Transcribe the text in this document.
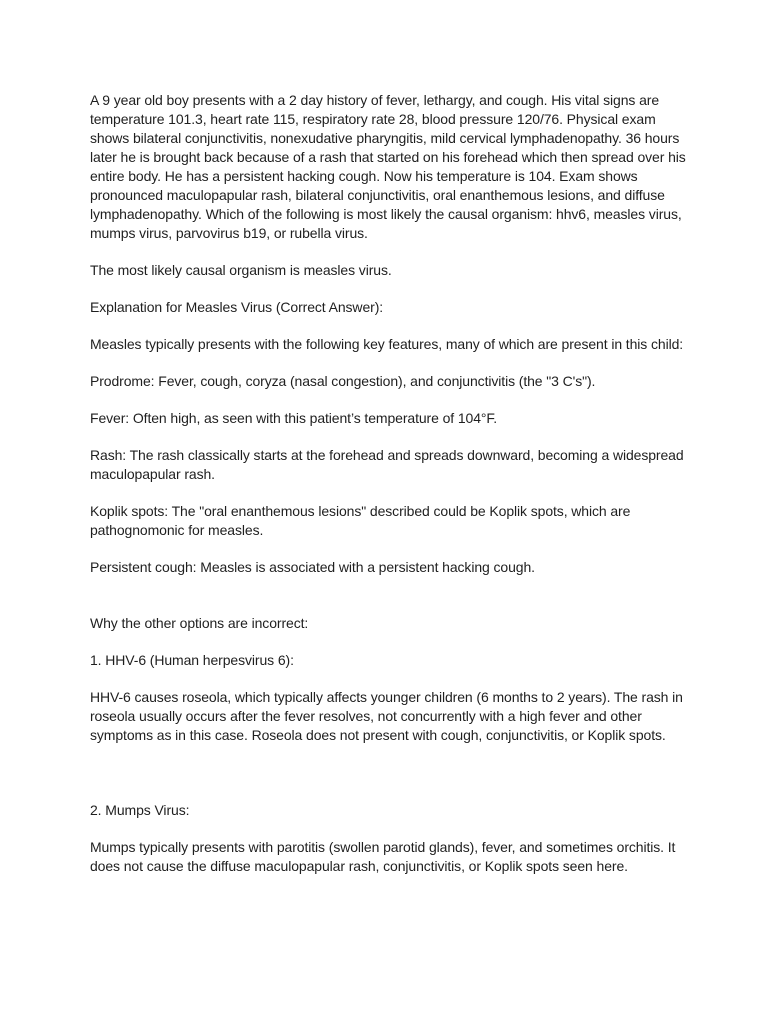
A 9 year old boy presents with a 2 day history of fever, lethargy, and cough. His vital signs are temperature 101.3, heart rate 115, respiratory rate 28, blood pressure 120/76. Physical exam shows bilateral conjunctivitis, nonexudative pharyngitis, mild cervical lymphadenopathy. 36 hours later he is brought back because of a rash that started on his forehead which then spread over his entire body. He has a persistent hacking cough. Now his temperature is 104. Exam shows pronounced maculopapular rash, bilateral conjunctivitis, oral enanthemous lesions, and diffuse lymphadenopathy. Which of the following is most likely the causal organism: hhv6, measles virus, mumps virus, parvovirus b19, or rubella virus.

The most likely causal organism is measles virus.

Explanation for Measles Virus (Correct Answer):

Measles typically presents with the following key features, many of which are present in this child:

Prodrome: Fever, cough, coryza (nasal congestion), and conjunctivitis (the "3 C's").

Fever: Often high, as seen with this patient’s temperature of 104°F.

Rash: The rash classically starts at the forehead and spreads downward, becoming a widespread maculopapular rash.

Koplik spots: The "oral enanthemous lesions" described could be Koplik spots, which are pathognomonic for measles.

Persistent cough: Measles is associated with a persistent hacking cough.

Why the other options are incorrect:

1. HHV-6 (Human herpesvirus 6):

HHV-6 causes roseola, which typically affects younger children (6 months to 2 years). The rash in roseola usually occurs after the fever resolves, not concurrently with a high fever and other symptoms as in this case. Roseola does not present with cough, conjunctivitis, or Koplik spots.

2. Mumps Virus:

Mumps typically presents with parotitis (swollen parotid glands), fever, and sometimes orchitis. It does not cause the diffuse maculopapular rash, conjunctivitis, or Koplik spots seen here.
